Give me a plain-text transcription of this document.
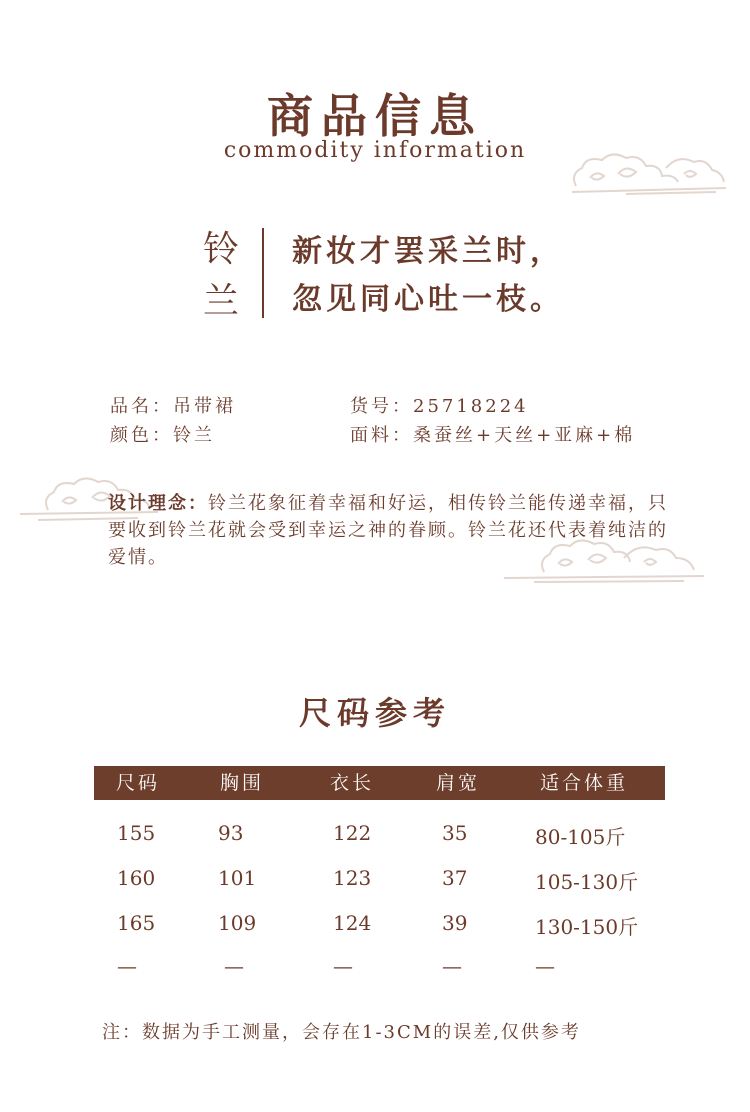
商品信息
commodity information
铃
兰
新妆才罢采兰时，
忽见同心吐一枝。
品名：吊带裙	货号：25718224
颜色：铃兰	面料：桑蚕丝+天丝+亚麻+棉
设计理念：铃兰花象征着幸福和好运，相传铃兰能传递幸福，只要收到铃兰花就会受到幸运之神的眷顾。铃兰花还代表着纯洁的爱情。
尺码参考
尺码	胸围	衣长	肩宽	适合体重
155	93	122	35	80-105斤
160	101	123	37	105-130斤
165	109	124	39	130-150斤
—	—	—	—	—
注：数据为手工测量，会存在1-3CM的误差,仅供参考
